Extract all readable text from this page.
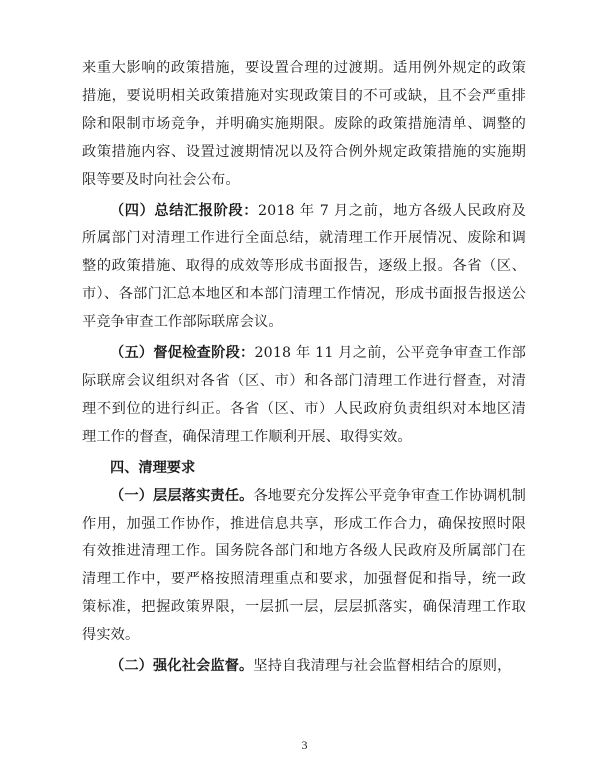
来重大影响的政策措施，要设置合理的过渡期。适用例外规定的政策措施，要说明相关政策措施对实现政策目的不可或缺，且不会严重排除和限制市场竞争，并明确实施期限。废除的政策措施清单、调整的政策措施内容、设置过渡期情况以及符合例外规定政策措施的实施期限等要及时向社会公布。

（四）总结汇报阶段：2018 年 7 月之前，地方各级人民政府及所属部门对清理工作进行全面总结，就清理工作开展情况、废除和调整的政策措施、取得的成效等形成书面报告，逐级上报。各省（区、市）、各部门汇总本地区和本部门清理工作情况，形成书面报告报送公平竞争审查工作部际联席会议。

（五）督促检查阶段：2018 年 11 月之前，公平竞争审查工作部际联席会议组织对各省（区、市）和各部门清理工作进行督查，对清理不到位的进行纠正。各省（区、市）人民政府负责组织对本地区清理工作的督查，确保清理工作顺利开展、取得实效。

四、清理要求

（一）层层落实责任。各地要充分发挥公平竞争审查工作协调机制作用，加强工作协作，推进信息共享，形成工作合力，确保按照时限有效推进清理工作。国务院各部门和地方各级人民政府及所属部门在清理工作中，要严格按照清理重点和要求，加强督促和指导，统一政策标准，把握政策界限，一层抓一层，层层抓落实，确保清理工作取得实效。

（二）强化社会监督。坚持自我清理与社会监督相结合的原则，

3
